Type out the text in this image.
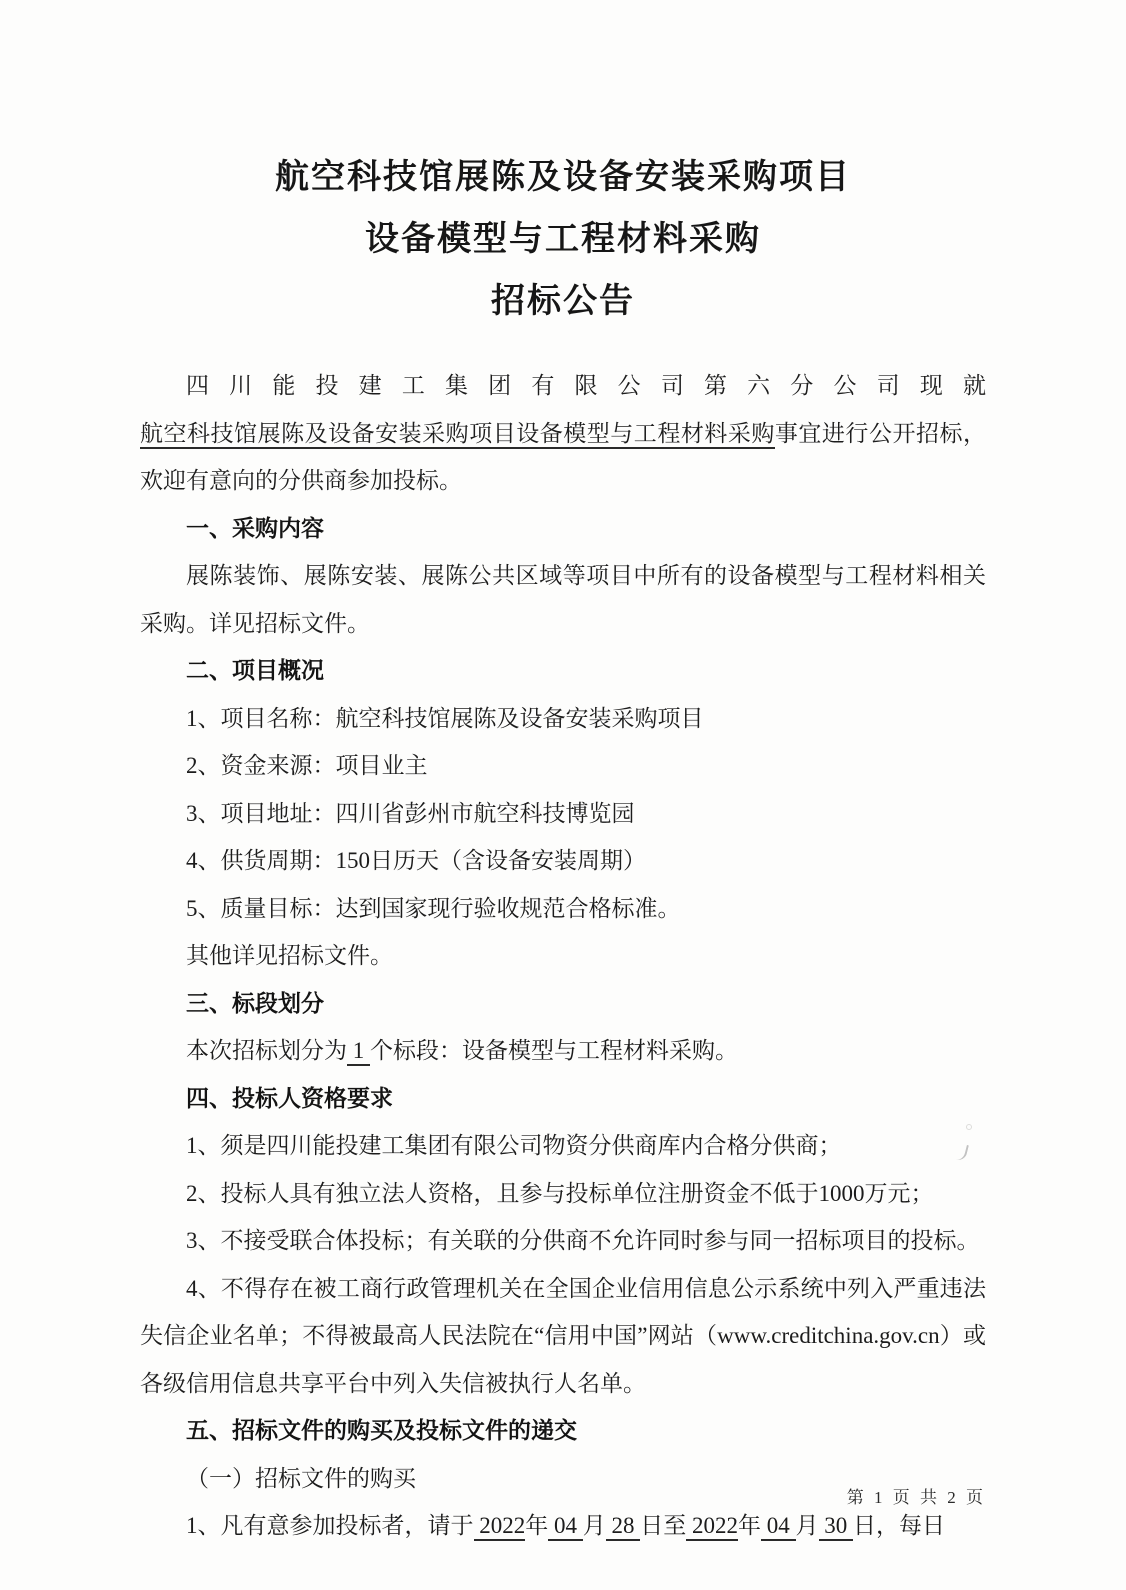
航空科技馆展陈及设备安装采购项目
设备模型与工程材料采购
招标公告

四川能投建工集团有限公司第六分公司现就航空科技馆展陈及设备安装采购项目设备模型与工程材料采购事宜进行公开招标，欢迎有意向的分供商参加投标。

一、采购内容

展陈装饰、展陈安装、展陈公共区域等项目中所有的设备模型与工程材料相关采购。详见招标文件。

二、项目概况

1、项目名称：航空科技馆展陈及设备安装采购项目

2、资金来源：项目业主

3、项目地址：四川省彭州市航空科技博览园

4、供货周期：150日历天（含设备安装周期）

5、质量目标：达到国家现行验收规范合格标准。

其他详见招标文件。

三、标段划分

本次招标划分为 1 个标段：设备模型与工程材料采购。

四、投标人资格要求

1、须是四川能投建工集团有限公司物资分供商库内合格分供商；

2、投标人具有独立法人资格，且参与投标单位注册资金不低于1000万元；

3、不接受联合体投标；有关联的分供商不允许同时参与同一招标项目的投标。

4、不得存在被工商行政管理机关在全国企业信用信息公示系统中列入严重违法失信企业名单；不得被最高人民法院在“信用中国”网站（www.creditchina.gov.cn）或各级信用信息共享平台中列入失信被执行人名单。

五、招标文件的购买及投标文件的递交

（一）招标文件的购买

1、凡有意参加投标者，请于 2022年 04 月 28 日至 2022年 04 月 30 日，每日

第 1 页 共 2 页
